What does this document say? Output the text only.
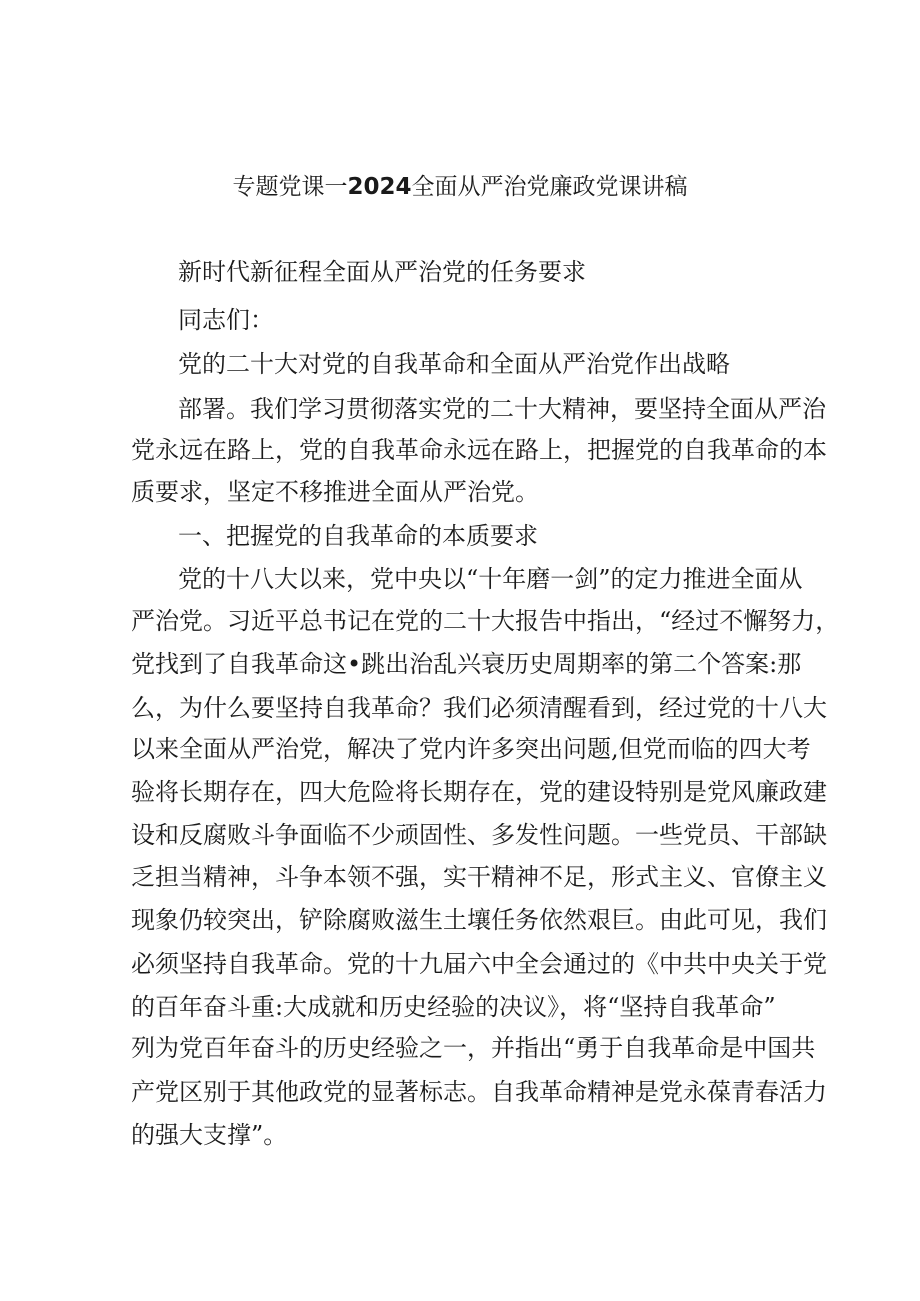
专题党课一2024全面从严治党廉政党课讲稿
新时代新征程全面从严治党的任务要求
同志们：
党的二十大对党的自我革命和全面从严治党作出战略
部署。我们学习贯彻落实党的二十大精神，要坚持全面从严治
党永远在路上，党的自我革命永远在路上，把握党的自我革命的本
质要求，坚定不移推进全面从严治党。
一、把握党的自我革命的本质要求
党的十八大以来，党中央以“十年磨一剑”的定力推进全面从
严治党。习近平总书记在党的二十大报告中指出，“经过不懈努力，
党找到了自我革命这•跳出治乱兴衰历史周期率的第二个答案:那
么，为什么要坚持自我革命？我们必须清醒看到，经过党的十八大
以来全面从严治党，解决了党内许多突出问题,但党而临的四大考
验将长期存在，四大危险将长期存在，党的建设特别是党风廉政建
设和反腐败斗争面临不少顽固性、多发性问题。一些党员、干部缺
乏担当精神，斗争本领不强，实干精神不足，形式主义、官僚主义
现象仍较突出，铲除腐败滋生土壤任务依然艰巨。由此可见，我们
必须坚持自我革命。党的十九届六中全会通过的《中共中央关于党
的百年奋斗重:大成就和历史经验的决议》，将“坚持自我革命”
列为党百年奋斗的历史经验之一，并指出“勇于自我革命是中国共
产党区别于其他政党的显著标志。自我革命精神是党永葆青春活力
的强大支撑”。
